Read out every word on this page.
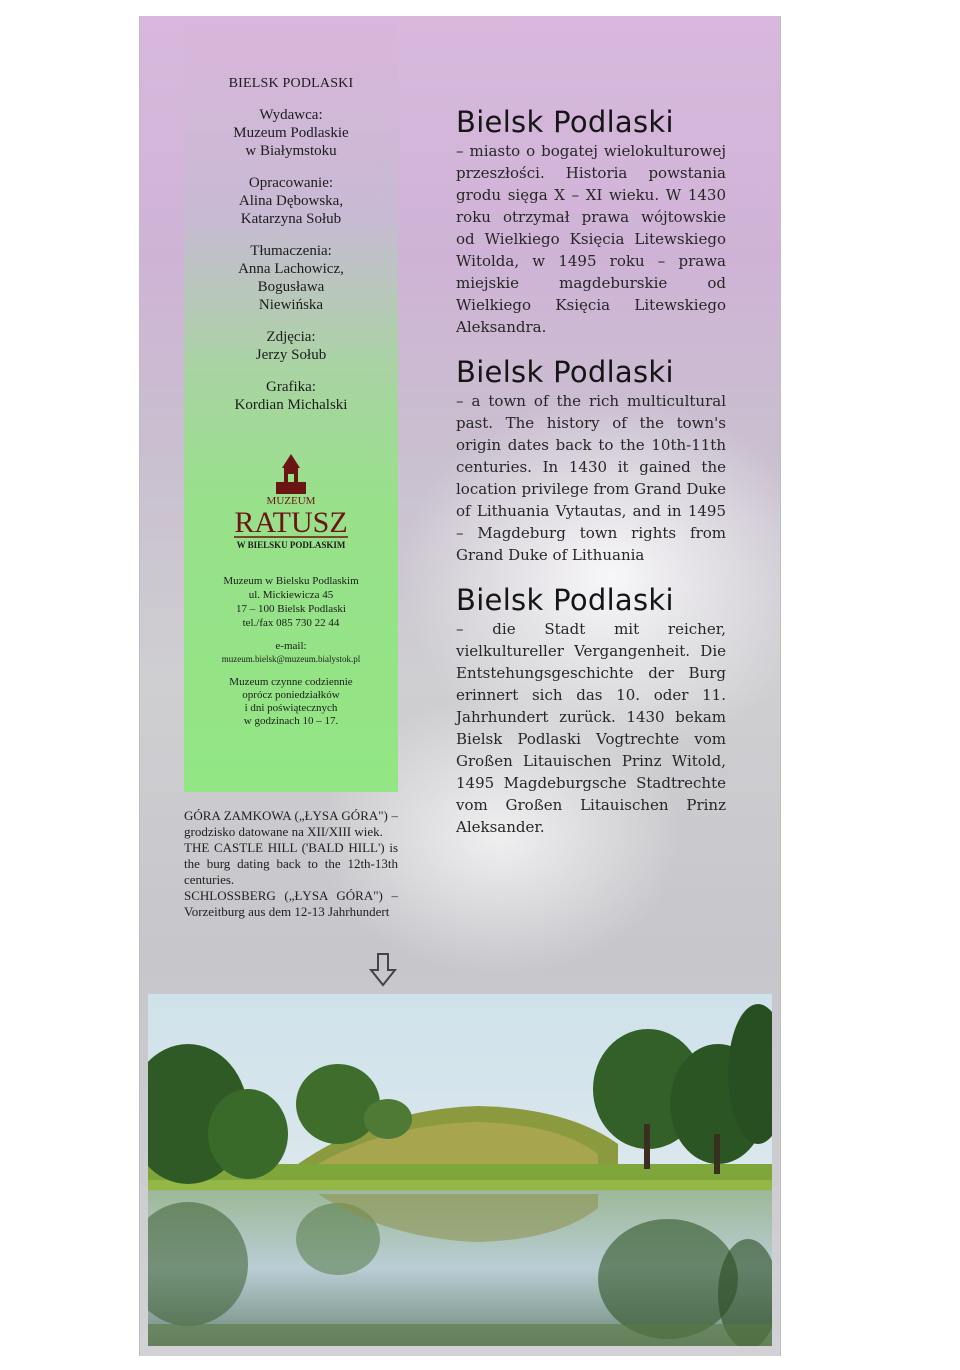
BIELSK PODLASKI
Wydawca:
Muzeum Podlaskie
w Białymstoku
Opracowanie:
Alina Dębowska,
Katarzyna Sołub
Tłumaczenia:
Anna Lachowicz,
Bogusława
Niewińska
Zdjęcia:
Jerzy Sołub
Grafika:
Kordian Michalski
MUZEUM
RATUSZ
W BIELSKU PODLASKIM
Muzeum w Bielsku Podlaskim
ul. Mickiewicza 45
17 – 100 Bielsk Podlaski
tel./fax 085 730 22 44
e-mail:
muzeum.bielsk@muzeum.bialystok.pl
Muzeum czynne codziennie
oprócz poniedziałków
i dni poświątecznych
w godzinach 10 – 17.
GÓRA ZAMKOWA („ŁYSA GÓRA") – grodzisko datowane na XII/XIII wiek.
THE CASTLE HILL ('BALD HILL') is the burg dating back to the 12th-13th centuries.
SCHLOSSBERG („ŁYSA GÓRA") – Vorzeitburg aus dem 12-13 Jahrhundert
Bielsk Podlaski

– miasto o bogatej wielokulturowej przeszłości. Historia powstania grodu sięga X – XI wieku. W 1430 roku otrzymał prawa wójtowskie od Wielkiego Księcia Litewskiego Witolda, w 1495 roku – prawa miejskie magdeburskie od Wielkiego Księcia Litewskiego Aleksandra.

Bielsk Podlaski

– a town of the rich multicultural past. The history of the town's origin dates back to the 10th-11th centuries. In 1430 it gained the location privilege from Grand Duke of Lithuania Vytautas, and in 1495 – Magdeburg town rights from Grand Duke of Lithuania

Bielsk Podlaski

– die Stadt mit reicher, vielkultureller Vergangenheit. Die Entstehungsgeschichte der Burg erinnert sich das 10. oder 11. Jahrhundert zurück. 1430 bekam Bielsk Podlaski Vogtrechte vom Großen Litauischen Prinz Witold, 1495 Magdeburgsche Stadtrechte vom Großen Litauischen Prinz Aleksander.
